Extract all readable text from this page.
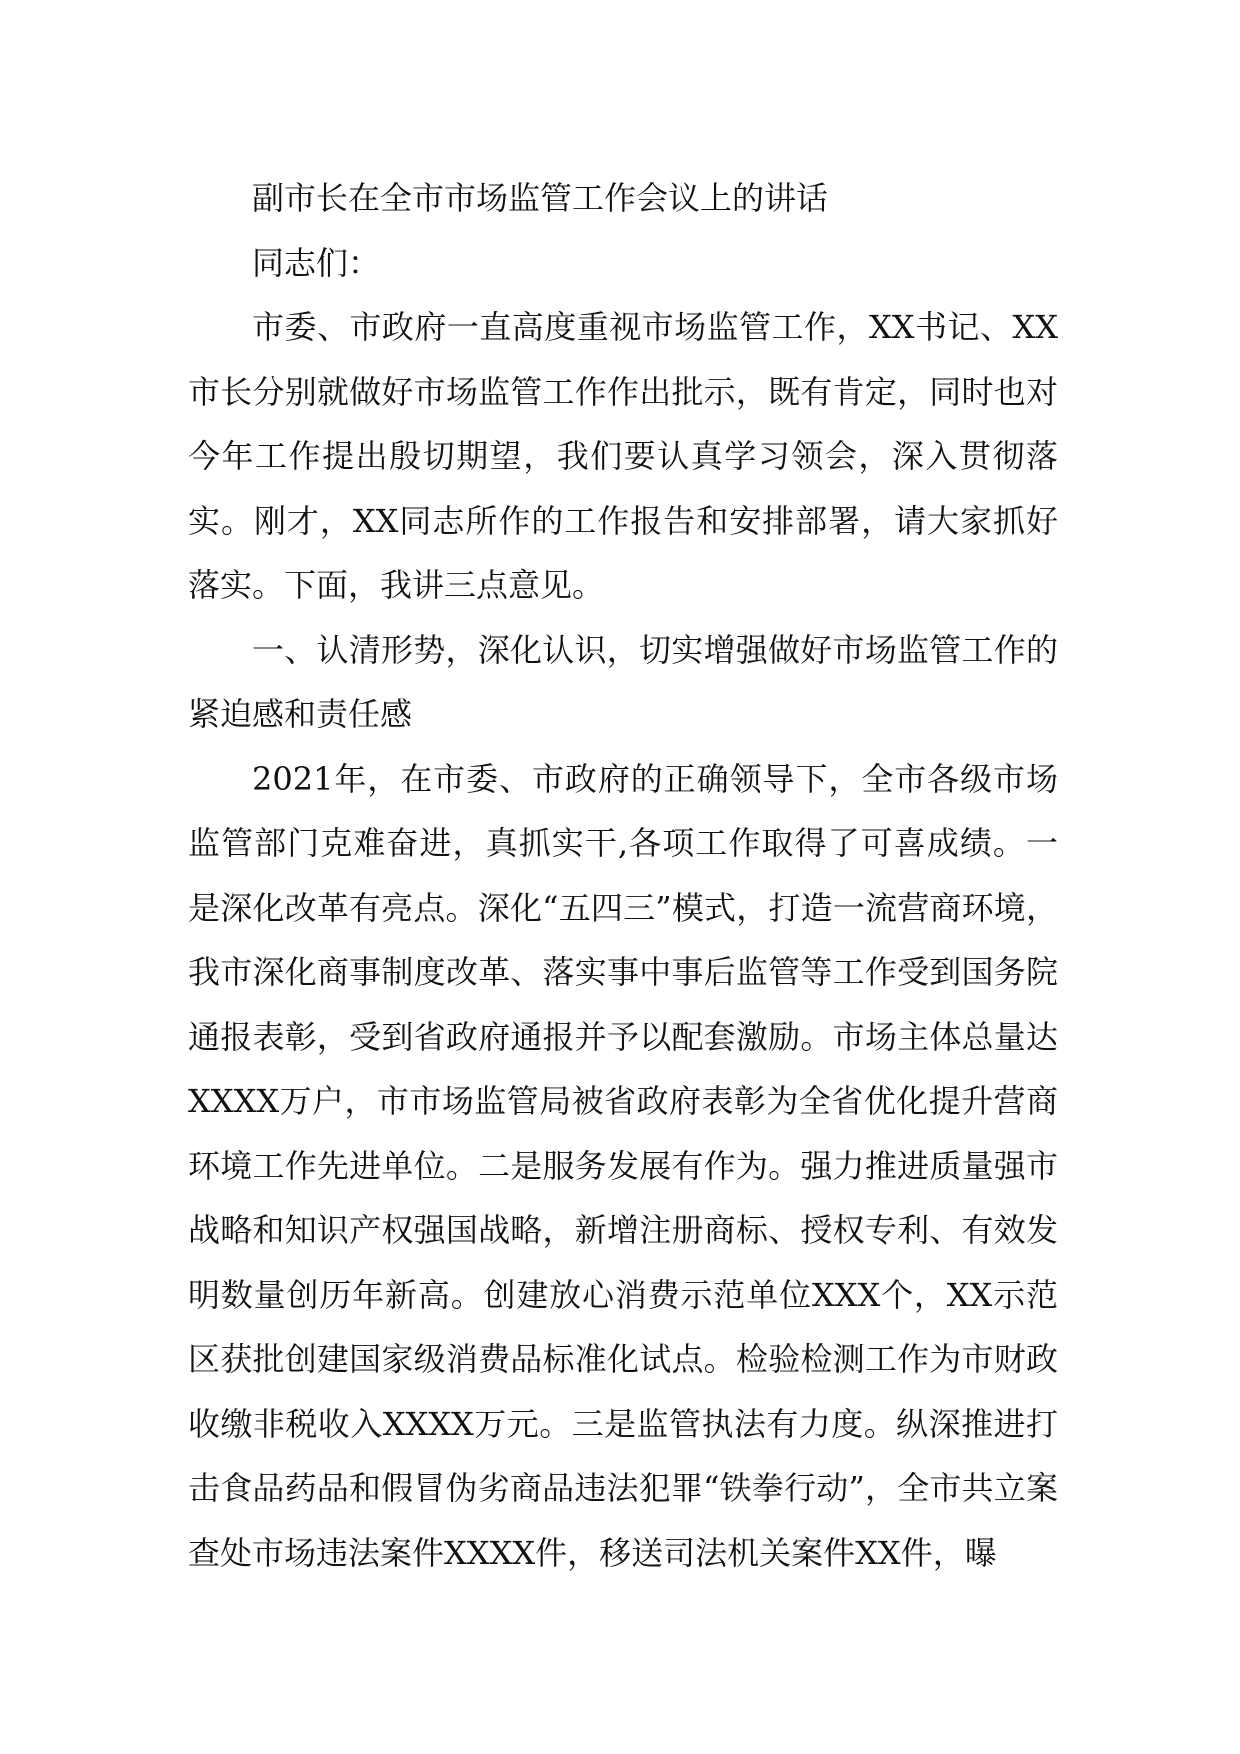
副市长在全市市场监管工作会议上的讲话

同志们：

市委、市政府一直高度重视市场监管工作，XX书记、XX市长分别就做好市场监管工作作出批示，既有肯定，同时也对今年工作提出殷切期望，我们要认真学习领会，深入贯彻落实。刚才，XX同志所作的工作报告和安排部署，请大家抓好落实。下面，我讲三点意见。

一、认清形势，深化认识，切实增强做好市场监管工作的紧迫感和责任感

2021年，在市委、市政府的正确领导下，全市各级市场监管部门克难奋进，真抓实干,各项工作取得了可喜成绩。一是深化改革有亮点。深化“五四三”模式，打造一流营商环境，我市深化商事制度改革、落实事中事后监管等工作受到国务院通报表彰，受到省政府通报并予以配套激励。市场主体总量达XXXX万户，市市场监管局被省政府表彰为全省优化提升营商环境工作先进单位。二是服务发展有作为。强力推进质量强市战略和知识产权强国战略，新增注册商标、授权专利、有效发明数量创历年新高。创建放心消费示范单位XXX个，XX示范区获批创建国家级消费品标准化试点。检验检测工作为市财政收缴非税收入XXXX万元。三是监管执法有力度。纵深推进打击食品药品和假冒伪劣商品违法犯罪“铁拳行动”，全市共立案查处市场违法案件XXXX件，移送司法机关案件XX件，曝
